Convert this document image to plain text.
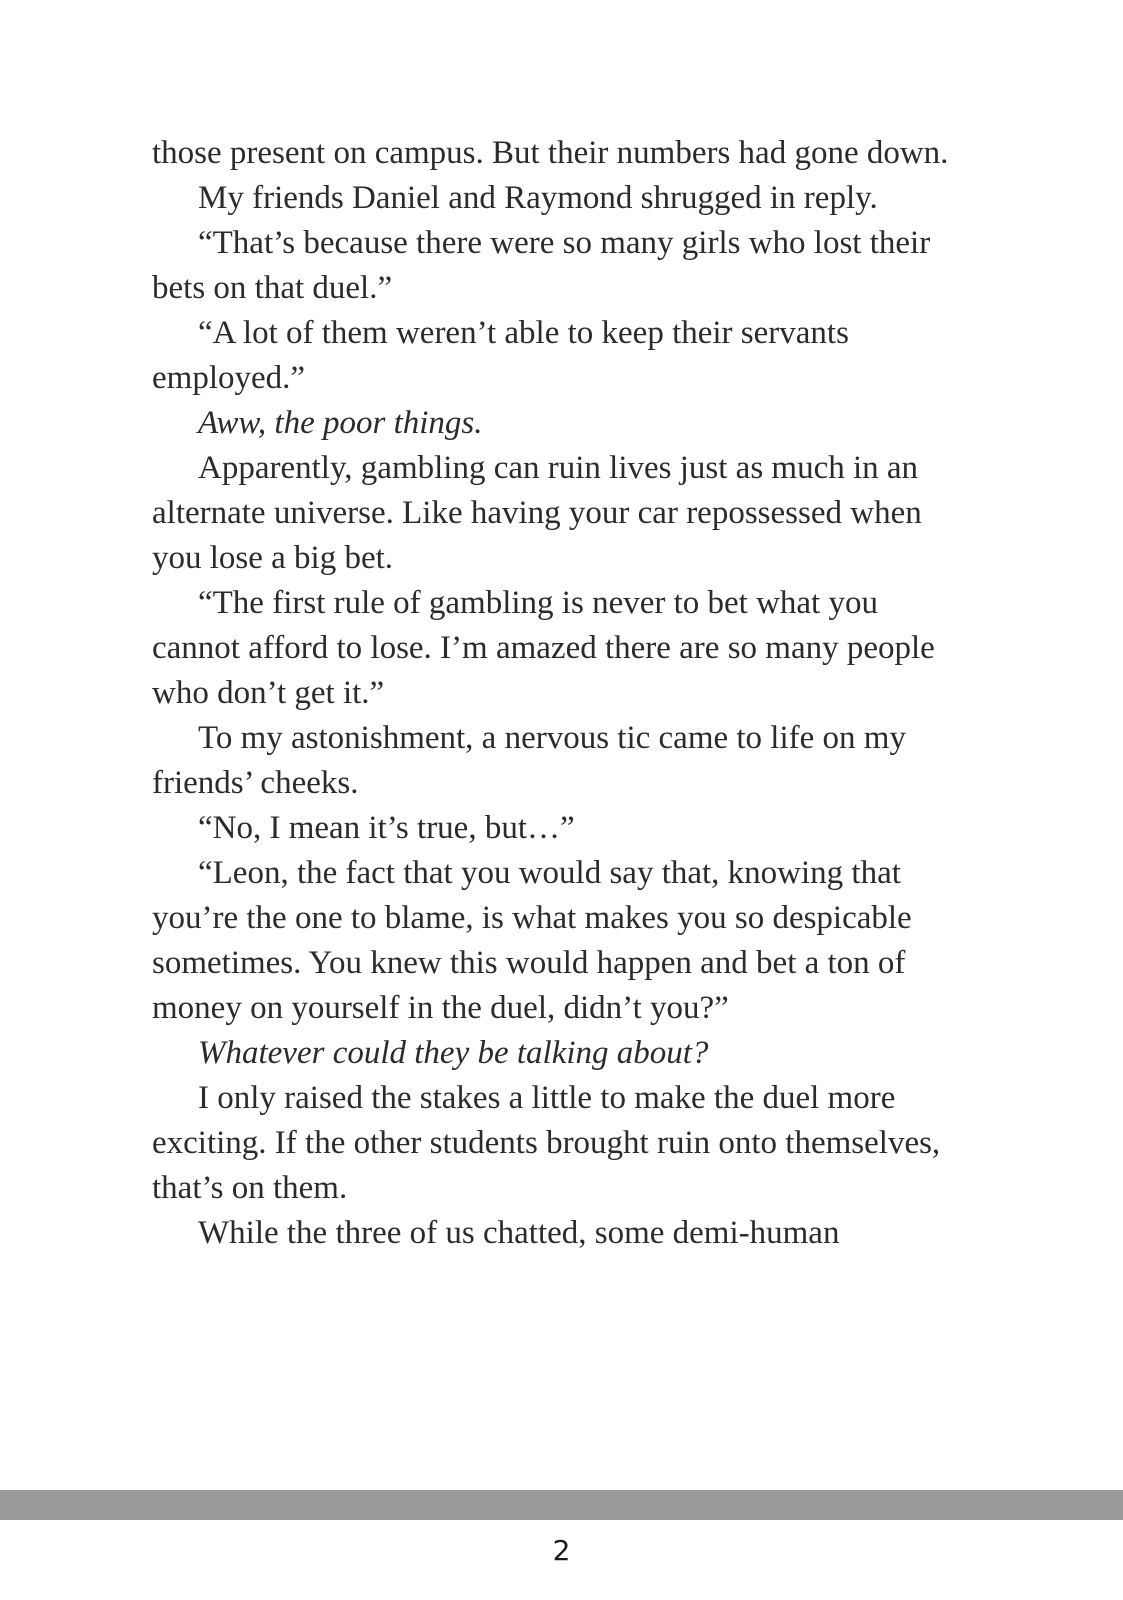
those present on campus. But their numbers had gone down.

My friends Daniel and Raymond shrugged in reply.

“That’s because there were so many girls who lost their bets on that duel.”

“A lot of them weren’t able to keep their servants employed.”

Aww, the poor things.

Apparently, gambling can ruin lives just as much in an alternate universe. Like having your car repossessed when you lose a big bet.

“The first rule of gambling is never to bet what you cannot afford to lose. I’m amazed there are so many people who don’t get it.”

To my astonishment, a nervous tic came to life on my friends’ cheeks.

“No, I mean it’s true, but…”

“Leon, the fact that you would say that, knowing that you’re the one to blame, is what makes you so despicable sometimes. You knew this would happen and bet a ton of money on yourself in the duel, didn’t you?”

Whatever could they be talking about?

I only raised the stakes a little to make the duel more exciting. If the other students brought ruin onto themselves, that’s on them.

While the three of us chatted, some demi-human

2
